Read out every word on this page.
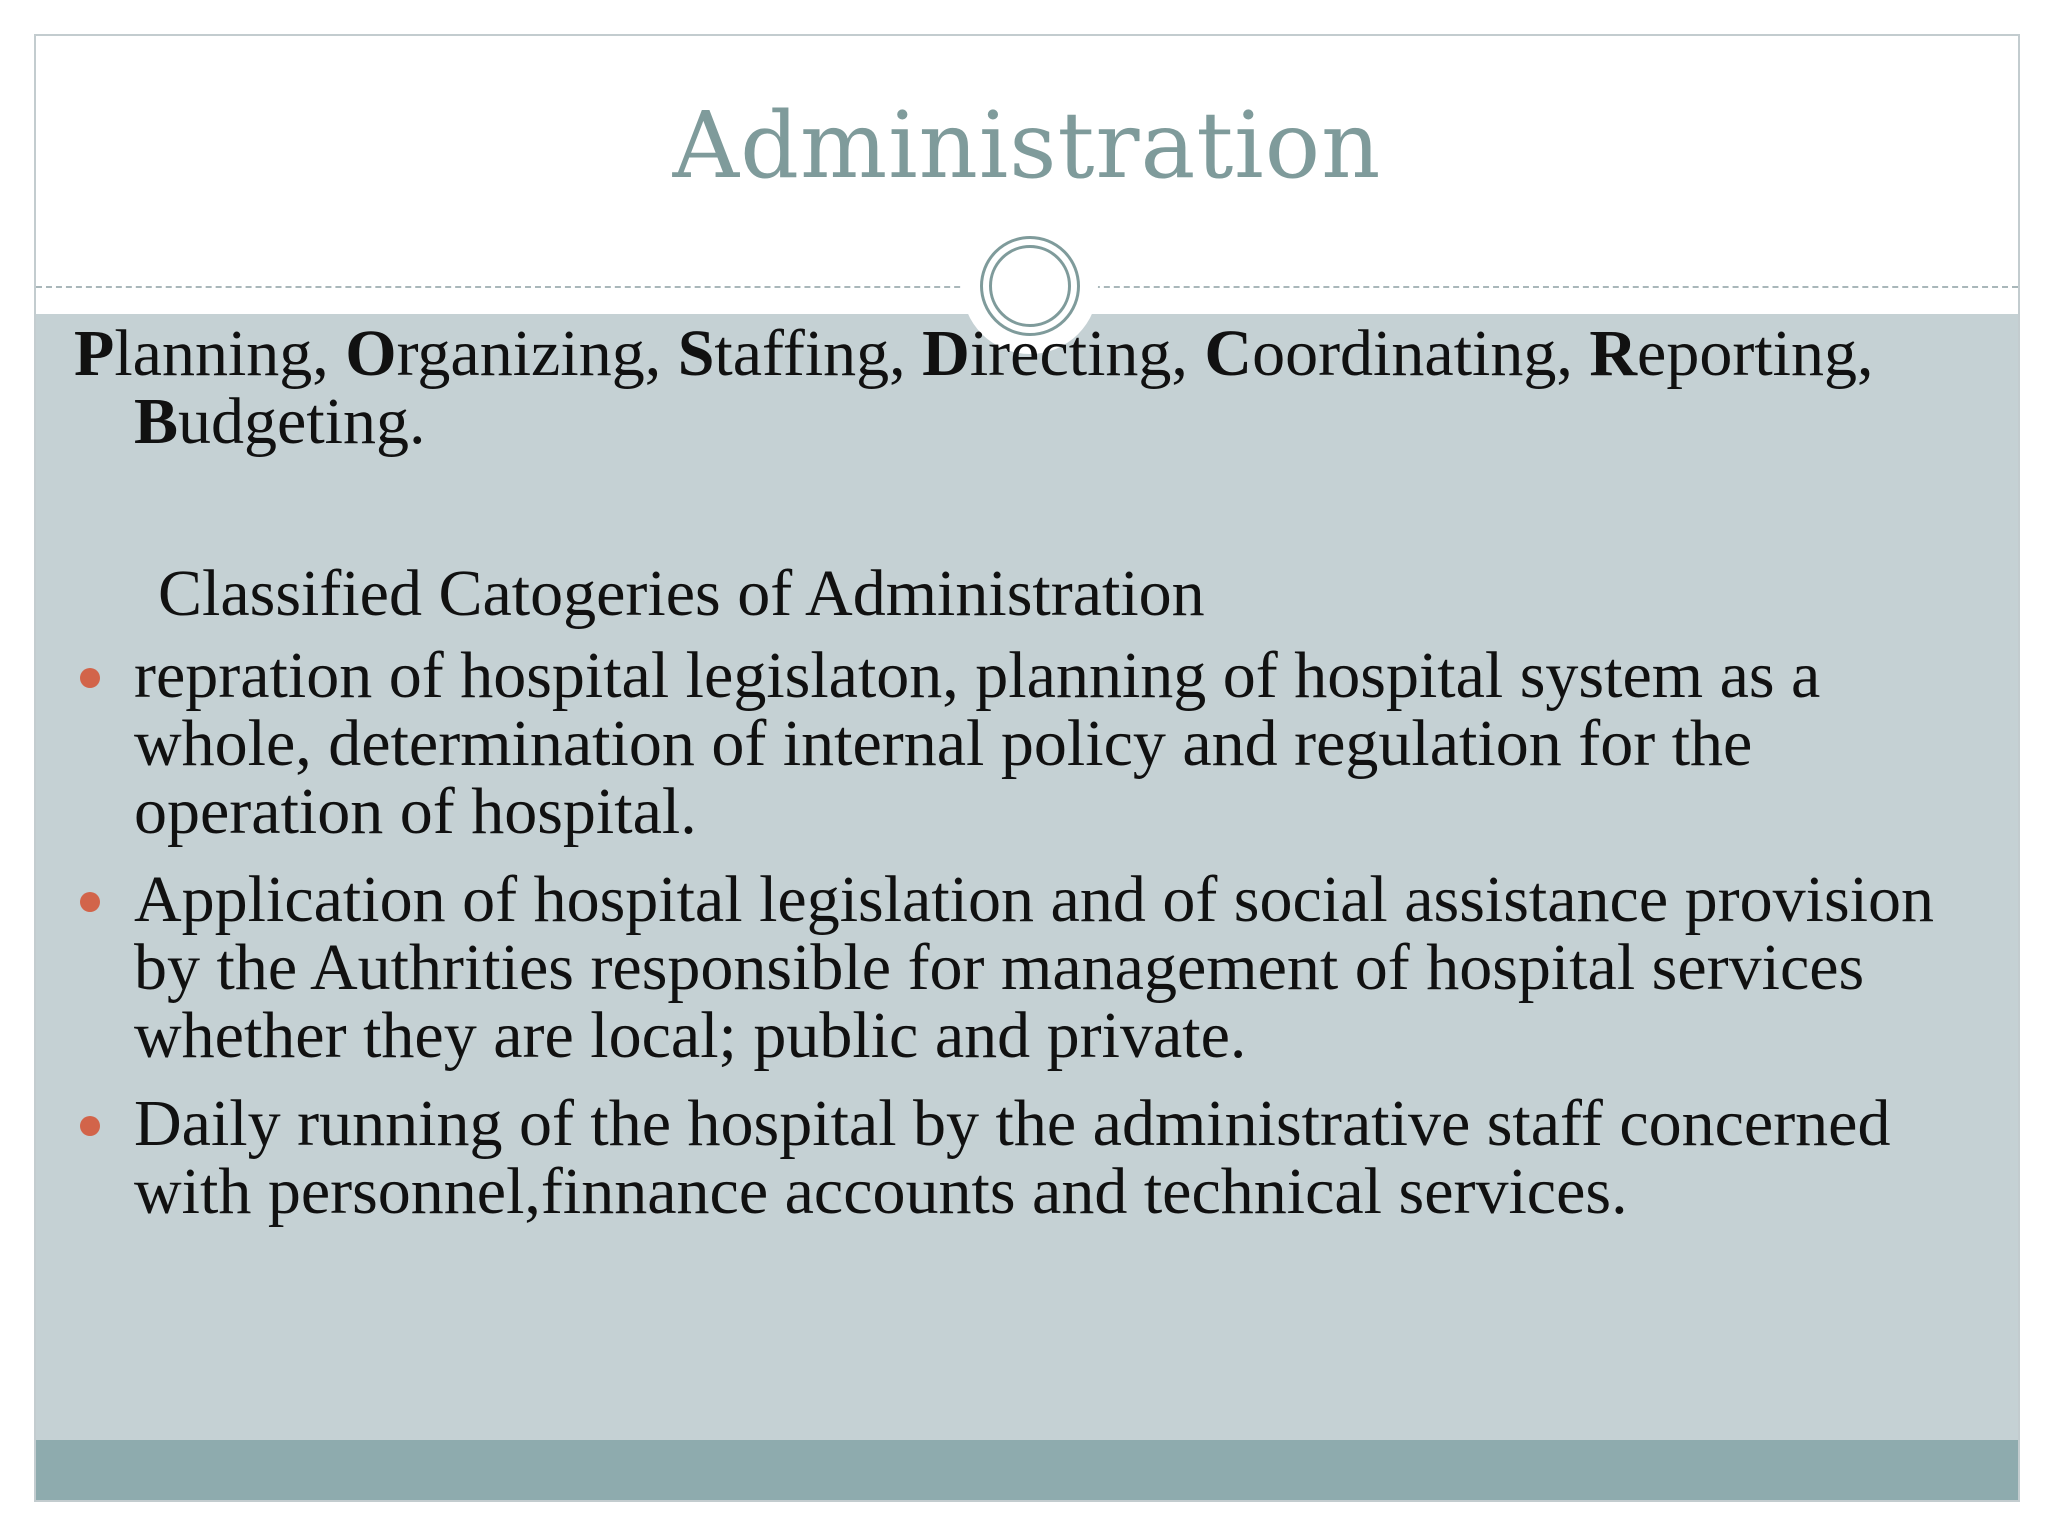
Administration

Planning, Organizing, Staffing, Directing, Coordinating, Reporting, Budgeting.

Classified Catogeries of Administration
repration of hospital legislaton, planning of hospital system as a whole, determination of internal policy and regulation for the operation of hospital.
Application of hospital legislation and of social assistance provision by the Authrities responsible for management of hospital services whether they are local; public and private.
Daily running of the hospital by the administrative staff concerned with personnel,finnance accounts and technical services.
